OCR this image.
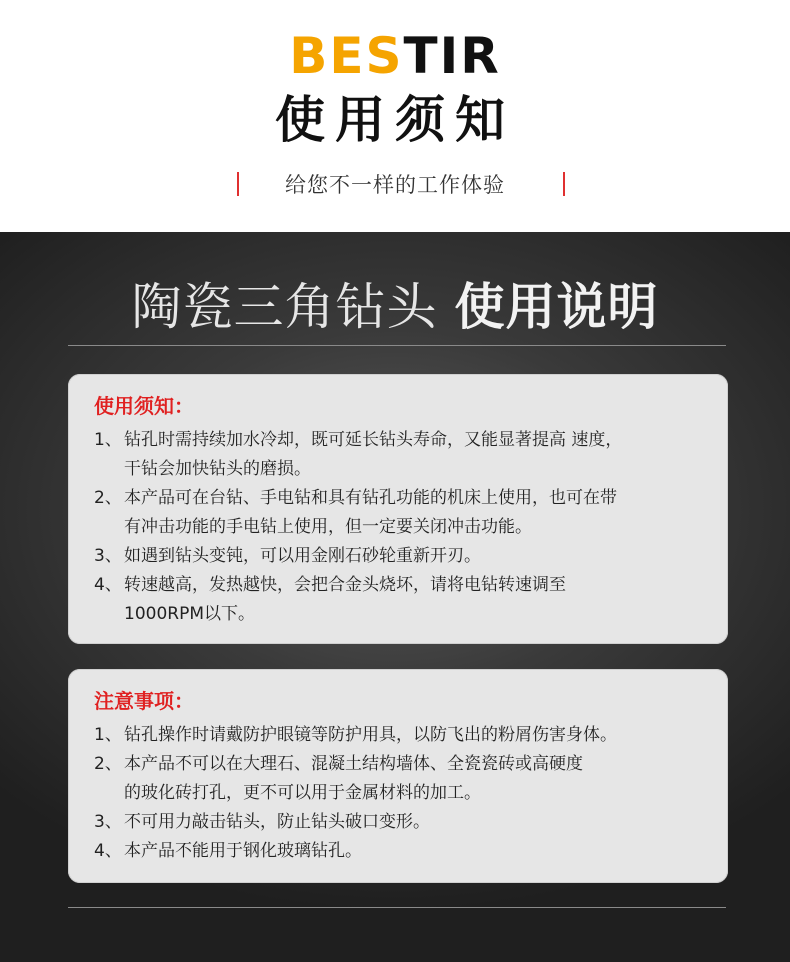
BESTIR
使用须知
给您不一样的工作体验
陶瓷三角钻头 使用说明
使用须知：
1、 钻孔时需持续加水冷却，既可延长钻头寿命，又能显著提高 速度，
干钻会加快钻头的磨损。
2、 本产品可在台钻、手电钻和具有钻孔功能的机床上使用，也可在带
有冲击功能的手电钻上使用，但一定要关闭冲击功能。
3、 如遇到钻头变钝，可以用金刚石砂轮重新开刃。
4、 转速越高，发热越快，会把合金头烧坏，请将电钻转速调至
1000RPM以下。
注意事项：
1、 钻孔操作时请戴防护眼镜等防护用具，以防飞出的粉屑伤害身体。
2、 本产品不可以在大理石、混凝土结构墙体、全瓷瓷砖或高硬度
的玻化砖打孔，更不可以用于金属材料的加工。
3、 不可用力敲击钻头，防止钻头破口变形。
4、 本产品不能用于钢化玻璃钻孔。
